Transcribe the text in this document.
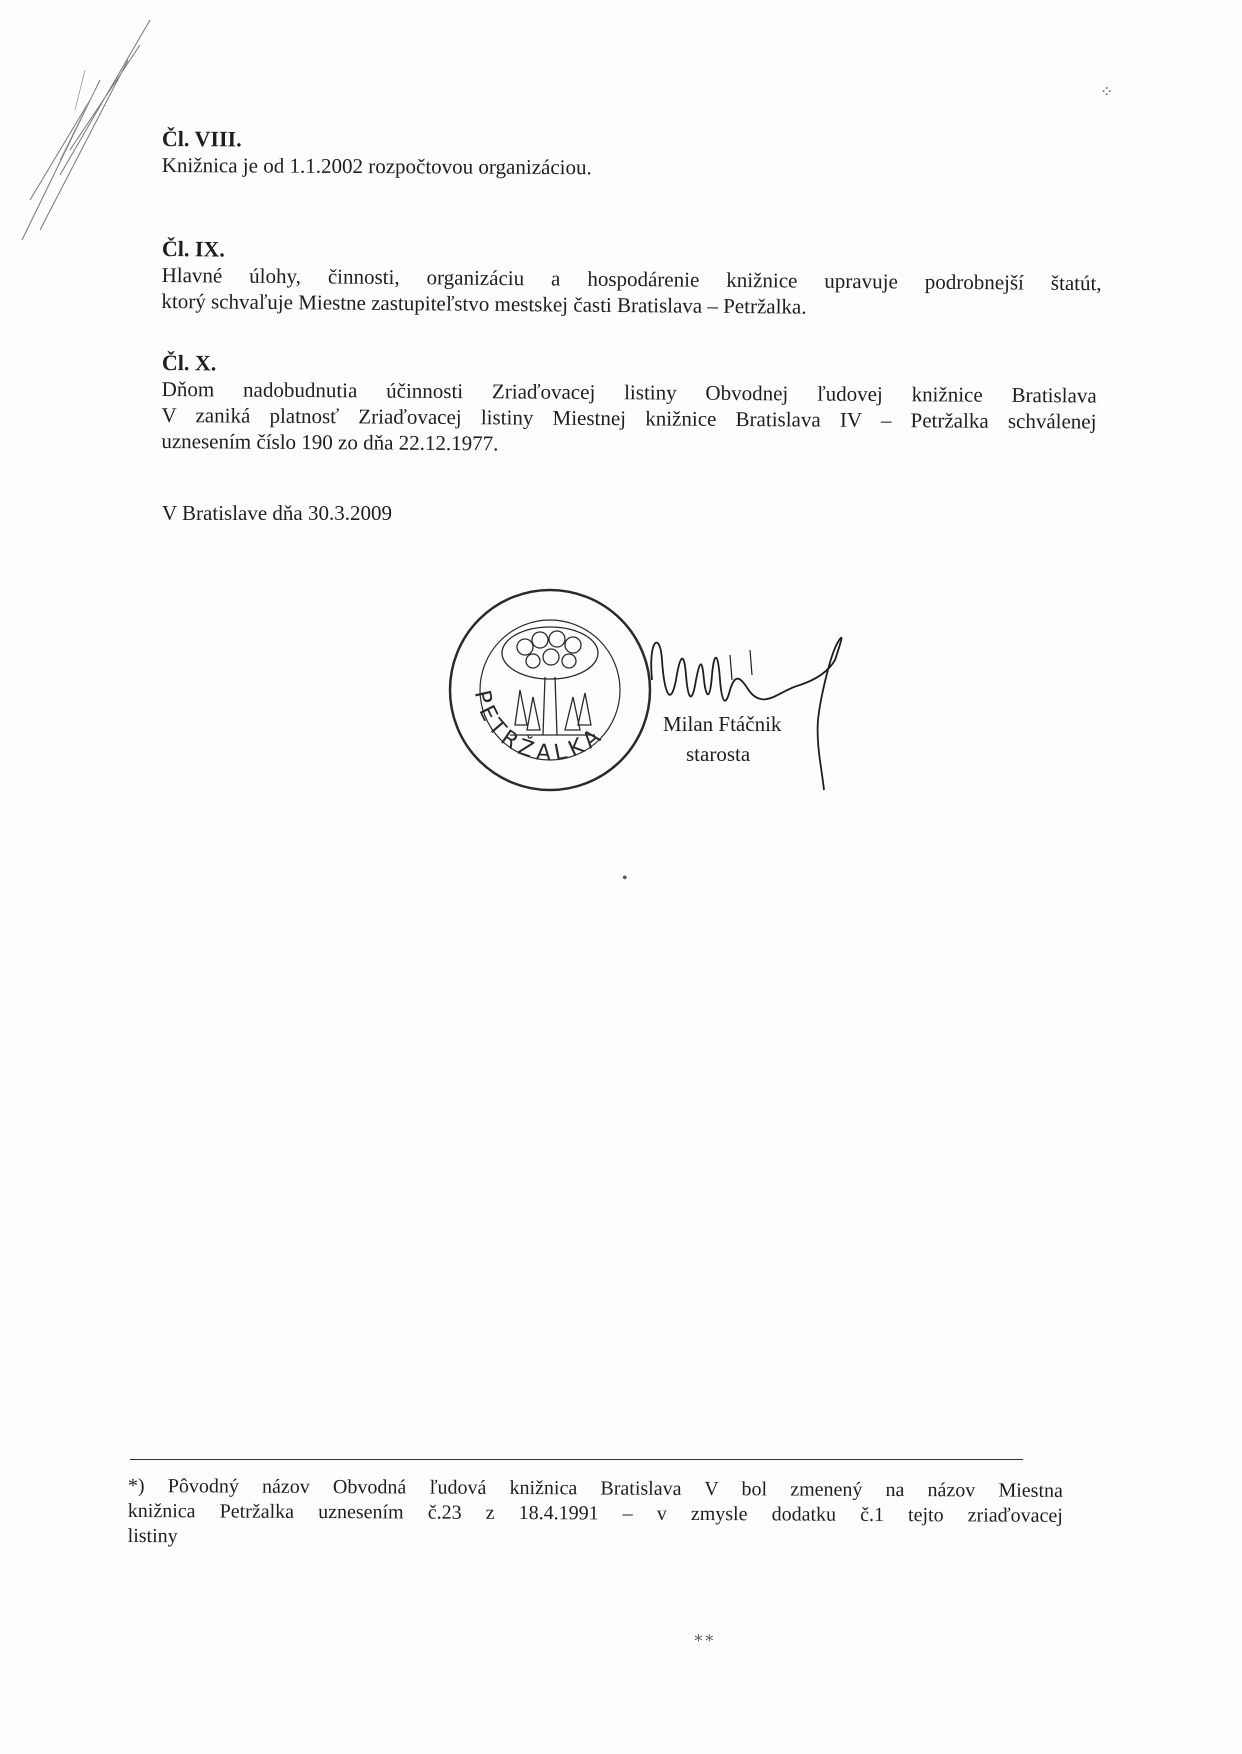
Čl. VIII.

Knižnica je od 1.1.2002 rozpočtovou organizáciou.

Čl. IX.

Hlavné úlohy, činnosti, organizáciu a hospodárenie knižnice upravuje podrobnejší štatút,
ktorý schvaľuje Miestne zastupiteľstvo mestskej časti Bratislava – Petržalka.

Čl. X.

Dňom nadobudnutia účinnosti Zriaďovacej listiny Obvodnej ľudovej knižnice Bratislava
V zaniká platnosť Zriaďovacej listiny Miestnej knižnice Bratislava IV – Petržalka schválenej
uznesením číslo 190 zo dňa 22.12.1977.

V Bratislave dňa 30.3.2009
PETRŽALKA	Milan Ftáčnik
starosta
*) Pôvodný názov Obvodná ľudová knižnica Bratislava V bol zmenený na názov Miestna
knižnica Petržalka uznesením č.23 z 18.4.1991 – v zmysle dodatku č.1 tejto zriaďovacej
listiny
⁘
∗∗
•
